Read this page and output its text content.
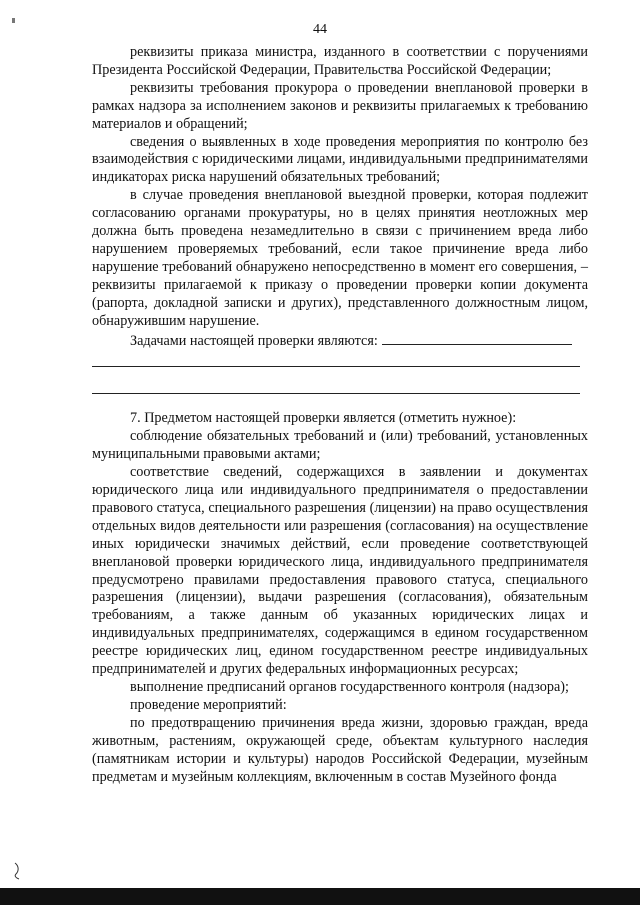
44

реквизиты приказа министра, изданного в соответствии с поручениями Президента Российской Федерации, Правительства Российской Федерации;

реквизиты требования прокурора о проведении внеплановой проверки в рамках надзора за исполнением законов и реквизиты прилагаемых к требованию материалов и обращений;

сведения о выявленных в ходе проведения мероприятия по контролю без взаимодействия с юридическими лицами, индивидуальными предпринимателями индикаторах риска нарушений обязательных требований;

в случае проведения внеплановой выездной проверки, которая подлежит согласованию органами прокуратуры, но в целях принятия неотложных мер должна быть проведена незамедлительно в связи с причинением вреда либо нарушением проверяемых требований, если такое причинение вреда либо нарушение требований обнаружено непосредственно в момент его совершения, – реквизиты прилагаемой к приказу о проведении проверки копии документа (рапорта, докладной записки и других), представленного должностным лицом, обнаружившим нарушение.

Задачами настоящей проверки являются:

7. Предметом настоящей проверки является (отметить нужное):

соблюдение обязательных требований и (или) требований, установленных муниципальными правовыми актами;

соответствие сведений, содержащихся в заявлении и документах юридического лица или индивидуального предпринимателя о предоставлении правового статуса, специального разрешения (лицензии) на право осуществления отдельных видов деятельности или разрешения (согласования) на осуществление иных юридически значимых действий, если проведение соответствующей внеплановой проверки юридического лица, индивидуального предпринимателя предусмотрено правилами предоставления правового статуса, специального разрешения (лицензии), выдачи разрешения (согласования), обязательным требованиям, а также данным об указанных юридических лицах и индивидуальных предпринимателях, содержащимся в едином государственном реестре юридических лиц, едином государственном реестре индивидуальных предпринимателей и других федеральных информационных ресурсах;

выполнение предписаний органов государственного контроля (надзора);

проведение мероприятий:

по предотвращению причинения вреда жизни, здоровью граждан, вреда животным, растениям, окружающей среде, объектам культурного наследия (памятникам истории и культуры) народов Российской Федерации, музейным предметам и музейным коллекциям, включенным в состав Музейного фонда
